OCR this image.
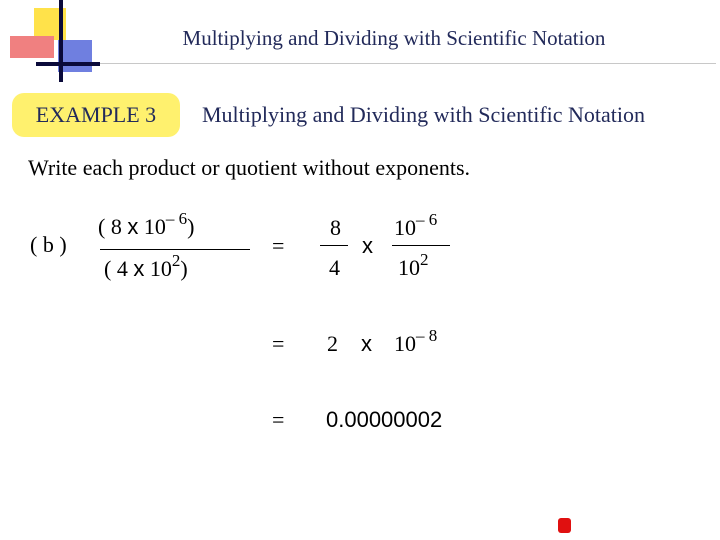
Multiplying and Dividing with Scientific Notation
EXAMPLE 3 Multiplying and Dividing with Scientific Notation
Write each product or quotient without exponents.
( b )
( 8 x $10^{- 6}$)
( 4 x $10^2$)
=
8
4
x
$10^{- 6}$
$10^2$
= 2 x $10^{- 8}$
= 0.00000002
